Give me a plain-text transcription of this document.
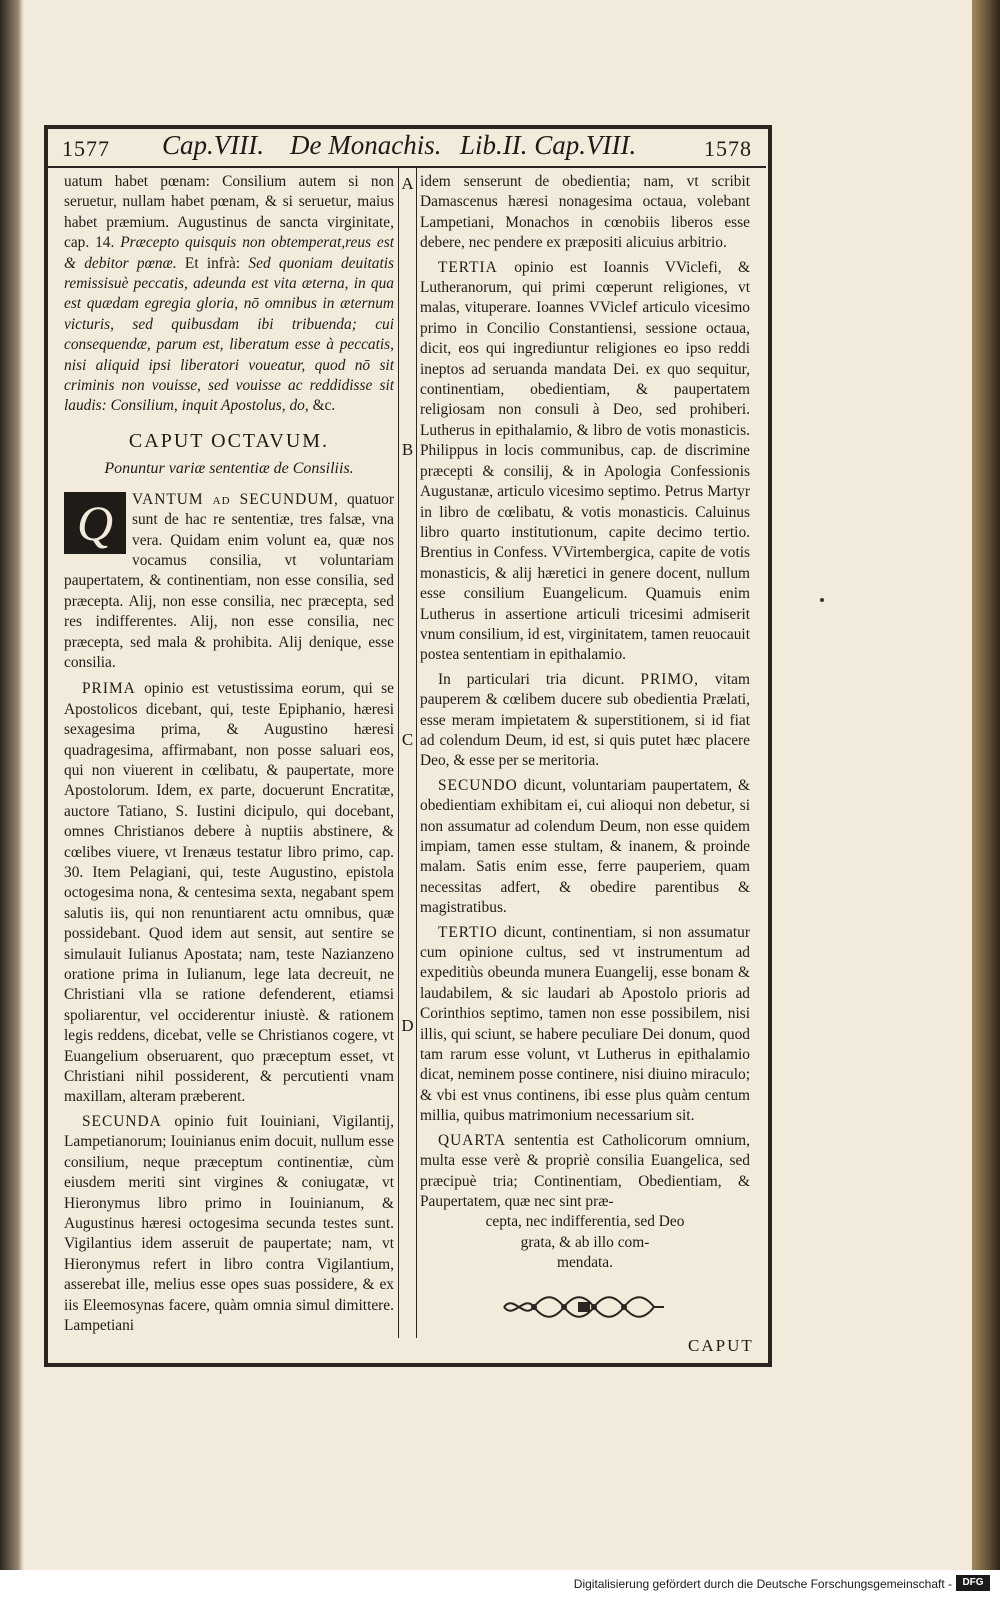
1577 Cap.VIII. De Monachis. Lib.II. Cap.VIII.	1578
A
B
C
D

uatum habet pœnam: Consilium autem si non seruetur, nullam habet pœnam, & si seruetur, maius habet præmium. Augustinus de sancta virginitate, cap. 14. Præcepto quisquis non obtemperat,reus est & debitor pœnæ. Et infrà: Sed quoniam deuitatis remissisuè peccatis, adeunda est vita æterna, in qua est quædam egregia gloria, nō omnibus in æternum victuris, sed quibusdam ibi tribuenda; cui consequendæ, parum est, liberatum esse à peccatis, nisi aliquid ipsi liberatori voueatur, quod nō sit criminis non vouisse, sed vouisse ac reddidisse sit laudis: Consilium, inquit Apostolus, do, &c.

CAPUT OCTAVUM.
Ponuntur variæ sententiæ de Consiliis.

Q	VANTUM ad SECUNDUM, quatuor sunt de hac re sententiæ, tres falsæ, vna vera. Quidam enim volunt ea, quæ nos vocamus consilia, vt voluntariam paupertatem, & continentiam, non esse consilia, sed præcepta. Alij, non esse consilia, nec præcepta, sed res indifferentes. Alij, non esse consilia, nec præcepta, sed mala & prohibita. Alij denique, esse consilia.

PRIMA opinio est vetustissima eorum, qui se Apostolicos dicebant, qui, teste Epiphanio, hæresi sexagesima prima, & Augustino hæresi quadragesima, affirmabant, non posse saluari eos, qui non viuerent in cœlibatu, & paupertate, more Apostolorum. Idem, ex parte, docuerunt Encratitæ, auctore Tatiano, S. Iustini dicipulo, qui docebant, omnes Christianos debere à nuptiis abstinere, & cœlibes viuere, vt Irenæus testatur libro primo, cap. 30. Item Pelagiani, qui, teste Augustino, epistola octogesima nona, & centesima sexta, negabant spem salutis iis, qui non renuntiarent actu omnibus, quæ possidebant. Quod idem aut sensit, aut sentire se simulauit Iulianus Apostata; nam, teste Nazianzeno oratione prima in Iulianum, lege lata decreuit, ne Christiani vlla se ratione defenderent, etiamsi spoliarentur, vel occiderentur iniustè. & rationem legis reddens, dicebat, velle se Christianos cogere, vt Euangelium obseruarent, quo præceptum esset, vt Christiani nihil possiderent, & percutienti vnam maxillam, alteram præberent.

SECUNDA opinio fuit Iouiniani, Vigilantij, Lampetianorum; Iouinianus enim docuit, nullum esse consilium, neque præceptum continentiæ, cùm eiusdem meriti sint virgines & coniugatæ, vt Hieronymus libro primo in Iouinianum, & Augustinus hæresi octogesima secunda testes sunt. Vigilantius idem asseruit de paupertate; nam, vt Hieronymus refert in libro contra Vigilantium, asserebat ille, melius esse opes suas possidere, & ex iis Eleemosynas facere, quàm omnia simul dimittere. Lampetiani

idem senserunt de obedientia; nam, vt scribit Damascenus hæresi nonagesima octaua, volebant Lampetiani, Monachos in cœnobiis liberos esse debere, nec pendere ex præpositi alicuius arbitrio.

TERTIA opinio est Ioannis VViclefi, & Lutheranorum, qui primi cœperunt religiones, vt malas, vituperare. Ioannes VViclef articulo vicesimo primo in Concilio Constantiensi, sessione octaua, dicit, eos qui ingrediuntur religiones eo ipso reddi ineptos ad seruanda mandata Dei. ex quo sequitur, continentiam, obedientiam, & paupertatem religiosam non consuli à Deo, sed prohiberi. Lutherus in epithalamio, & libro de votis monasticis. Philippus in locis communibus, cap. de discrimine præcepti & consilij, & in Apologia Confessionis Augustanæ, articulo vicesimo septimo. Petrus Martyr in libro de cœlibatu, & votis monasticis. Caluinus libro quarto institutionum, capite decimo tertio. Brentius in Confess. VVirtembergica, capite de votis monasticis, & alij hæretici in genere docent, nullum esse consilium Euangelicum. Quamuis enim Lutherus in assertione articuli tricesimi admiserit vnum consilium, id est, virginitatem, tamen reuocauit postea sententiam in epithalamio.

In particulari tria dicunt. PRIMO, vitam pauperem & cœlibem ducere sub obedientia Prælati, esse meram impietatem & superstitionem, si id fiat ad colendum Deum, id est, si quis putet hæc placere Deo, & esse per se meritoria.

SECUNDO dicunt, voluntariam paupertatem, & obedientiam exhibitam ei, cui alioqui non debetur, si non assumatur ad colendum Deum, non esse quidem impiam, tamen esse stultam, & inanem, & proinde malam. Satis enim esse, ferre pauperiem, quam necessitas adfert, & obedire parentibus & magistratibus.

TERTIO dicunt, continentiam, si non assumatur cum opinione cultus, sed vt instrumentum ad expeditiùs obeunda munera Euangelij, esse bonam & laudabilem, & sic laudari ab Apostolo prioris ad Corinthios septimo, tamen non esse possibilem, nisi illis, qui sciunt, se habere peculiare Dei donum, quod tam rarum esse volunt, vt Lutherus in epithalamio dicat, neminem posse continere, nisi diuino miraculo; & vbi est vnus continens, ibi esse plus quàm centum millia, quibus matrimonium necessarium sit.

QUARTA sententia est Catholicorum omnium, multa esse verè & propriè consilia Euangelica, sed præcipuè tria; Continentiam, Obedientiam, & Paupertatem, quæ nec sint præ-

cepta, nec indifferentia, sed Deo

grata, & ab illo com-

mendata.

CAPUT
Digitalisierung gefördert durch die Deutsche Forschungsgemeinschaft -	DFG
